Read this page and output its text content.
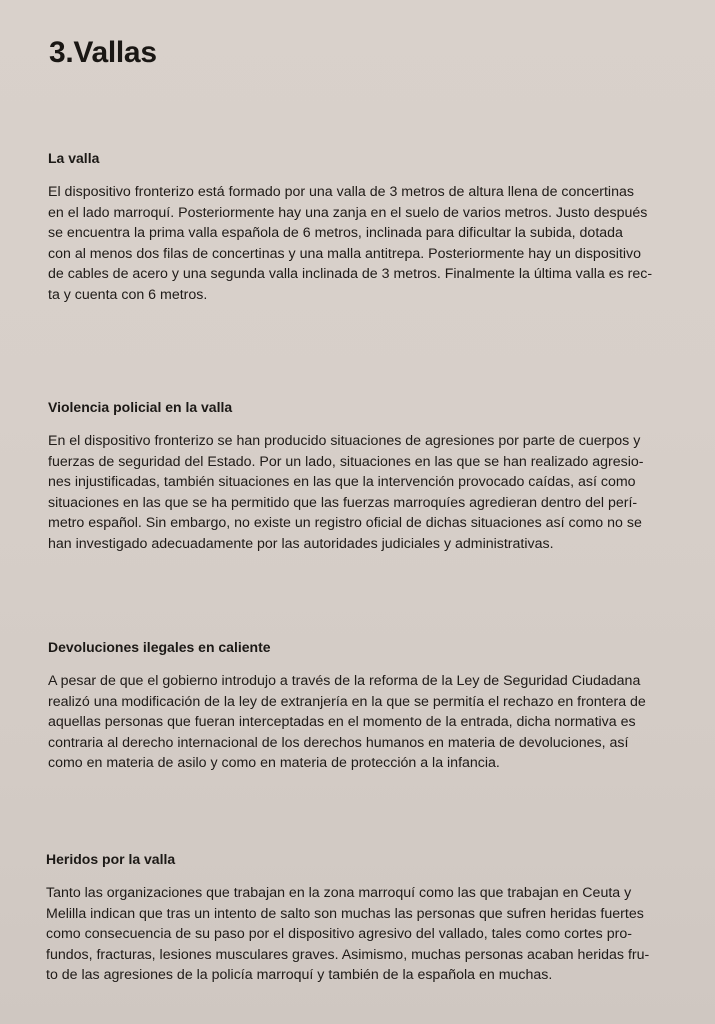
3.Vallas
La valla
El dispositivo fronterizo está formado por una valla de 3 metros de altura llena de concertinas
en el lado marroquí. Posteriormente hay una zanja en el suelo de varios metros. Justo después
se encuentra la prima valla española de 6 metros, inclinada para dificultar la subida, dotada
con al menos dos filas de concertinas y una malla antitrepa. Posteriormente hay un dispositivo
de cables de acero y una segunda valla inclinada de 3 metros. Finalmente la última valla es rec-
ta y cuenta con 6 metros.
Violencia policial en la valla
En el dispositivo fronterizo se han producido situaciones de agresiones por parte de cuerpos y
fuerzas de seguridad del Estado. Por un lado, situaciones en las que se han realizado agresio-
nes injustificadas, también situaciones en las que la intervención provocado caídas, así como
situaciones en las que se ha permitido que las fuerzas marroquíes agredieran dentro del perí-
metro español. Sin embargo, no existe un registro oficial de dichas situaciones así como no se
han investigado adecuadamente por las autoridades judiciales y administrativas.
Devoluciones ilegales en caliente
A pesar de que el gobierno introdujo a través de la reforma de la Ley de Seguridad Ciudadana
realizó una modificación de la ley de extranjería en la que se permitía el rechazo en frontera de
aquellas personas que fueran interceptadas en el momento de la entrada, dicha normativa es
contraria al derecho internacional de los derechos humanos en materia de devoluciones, así
como en materia de asilo y como en materia de protección a la infancia.
Heridos por la valla
Tanto las organizaciones que trabajan en la zona marroquí como las que trabajan en Ceuta y
Melilla indican que tras un intento de salto son muchas las personas que sufren heridas fuertes
como consecuencia de su paso por el dispositivo agresivo del vallado, tales como cortes pro-
fundos, fracturas, lesiones musculares graves. Asimismo, muchas personas acaban heridas fru-
to de las agresiones de la policía marroquí y también de la española en muchas.
